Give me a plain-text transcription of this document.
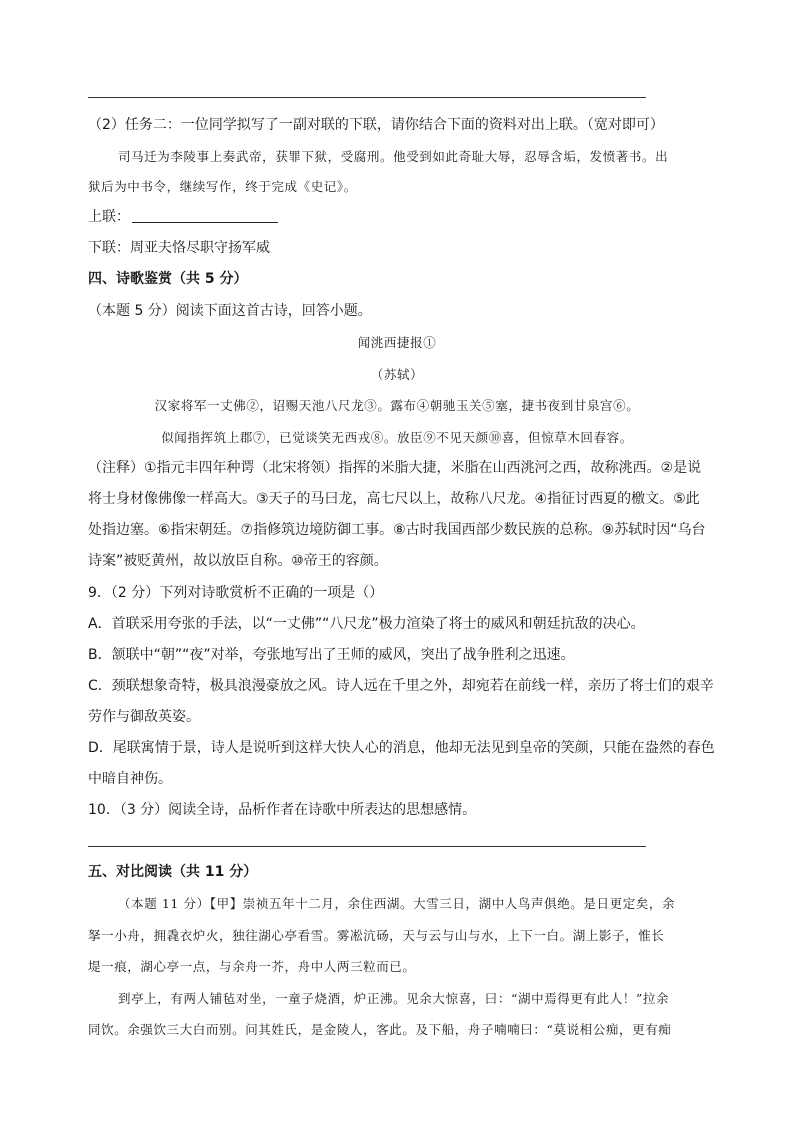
（2）任务二：一位同学拟写了一副对联的下联，请你结合下面的资料对出上联。（宽对即可）
司马迁为李陵事上奏武帝，获罪下狱，受腐刑。他受到如此奇耻大辱，忍辱含垢，发愤著书。出
狱后为中书令，继续写作，终于完成《史记》。
上联：
下联：周亚夫恪尽职守扬军威
四、诗歌鉴赏（共 5 分）
（本题 5 分）阅读下面这首古诗，回答小题。
闻洮西捷报①
（苏轼）
汉家将军一丈佛②，诏赐天池八尺龙③。露布④朝驰玉关⑤塞，捷书夜到甘泉宫⑥。
似闻指挥筑上郡⑦，已觉谈笑无西戎⑧。放臣⑨不见天颜⑩喜，但惊草木回春容。
（注释）①指元丰四年种谔（北宋将领）指挥的米脂大捷，米脂在山西洮河之西，故称洮西。②是说
将士身材像佛像一样高大。③天子的马曰龙，高七尺以上，故称八尺龙。④指征讨西夏的檄文。⑤此
处指边塞。⑥指宋朝廷。⑦指修筑边境防御工事。⑧古时我国西部少数民族的总称。⑨苏轼时因“乌台
诗案”被贬黄州，故以放臣自称。⑩帝王的容颜。
9．（2 分）下列对诗歌赏析不正确的一项是（）
A．首联采用夸张的手法，以“一丈佛”“八尺龙”极力渲染了将士的威风和朝廷抗敌的决心。
B．颔联中“朝”“夜”对举，夸张地写出了王师的威风，突出了战争胜利之迅速。
C．颈联想象奇特，极具浪漫豪放之风。诗人远在千里之外，却宛若在前线一样，亲历了将士们的艰辛
劳作与御敌英姿。
D．尾联寓情于景，诗人是说听到这样大快人心的消息，他却无法见到皇帝的笑颜，只能在盎然的春色
中暗自神伤。
10．（3 分）阅读全诗，品析作者在诗歌中所表达的思想感情。
五、对比阅读（共 11 分）
（本题 11 分）【甲】崇祯五年十二月，余住西湖。大雪三日，湖中人鸟声俱绝。是日更定矣，余
拏一小舟，拥毳衣炉火，独往湖心亭看雪。雾凇沆砀，天与云与山与水，上下一白。湖上影子，惟长
堤一痕，湖心亭一点，与余舟一芥，舟中人两三粒而已。
到亭上，有两人铺毡对坐，一童子烧酒，炉正沸。见余大惊喜，曰：“湖中焉得更有此人！”拉余
同饮。余强饮三大白而别。问其姓氏，是金陵人，客此。及下船，舟子喃喃曰：“莫说相公痴，更有痴
